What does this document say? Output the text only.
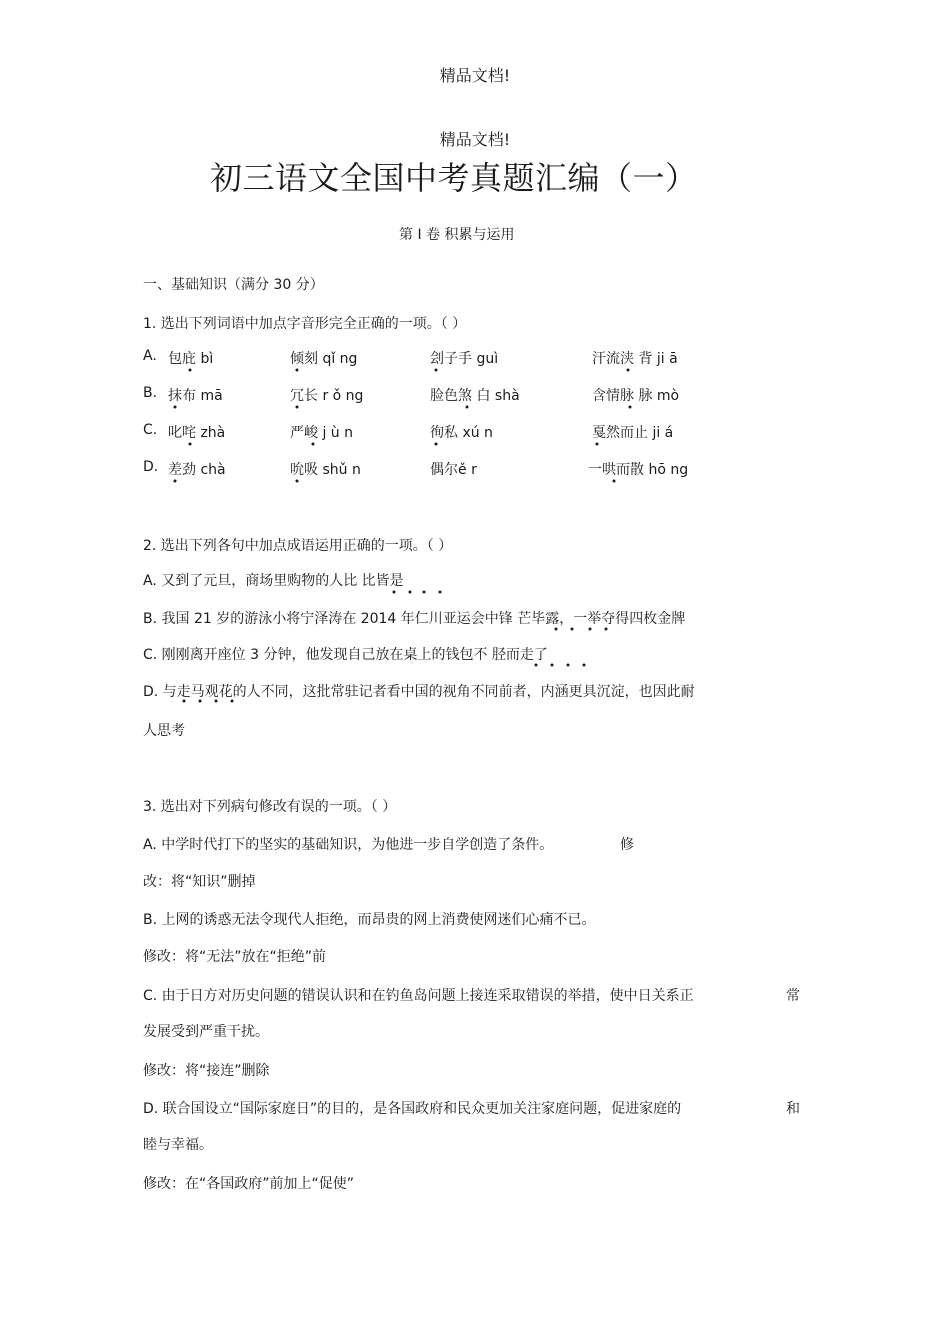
精品文档!
精品文档!
初三语文全国中考真题汇编（一）
第 I 卷 积累与运用
一、基础知识（满分 30 分）
1. 选出下列词语中加点字音形完全正确的一项。（ ）
A. 包庇 bì	倾刻 qǐ ng	刽子手 guì	汗流浃 背 ji ā
B. 抹布 mā	冗长 r ǒ ng	脸色煞 白 shà	含情脉 脉 mò
C. 叱咤 zhà	严峻 j ù n	徇私 xú n	戛然而止 ji á
D. 差劲 chà	吮吸 shǔ n	偶尔ě r	一哄而散 hō ng
2. 选出下列各句中加点成语运用正确的一项。（ ）
A. 又到了元旦，商场里购物的人比 比皆是
B. 我国 21 岁的游泳小将宁泽涛在 2014 年仁川亚运会中锋 芒毕露，一举夺得四枚金牌
C. 刚刚离开座位 3 分钟，他发现自己放在桌上的钱包不 胫而走了
D. 与走马观花的人不同，这批常驻记者看中国的视角不同前者，内涵更具沉淀，也因此耐
人思考
3. 选出对下列病句修改有误的一项。（ ）
A. 中学时代打下的坚实的基础知识，为他进一步自学创造了条件。	修
改：将“知识”删掉
B. 上网的诱惑无法令现代人拒绝，而昂贵的网上消费使网迷们心痛不已。
修改：将“无法”放在“拒绝”前
C. 由于日方对历史问题的错误认识和在钓鱼岛问题上接连采取错误的举措，使中日关系正	常
发展受到严重干扰。
修改：将“接连”删除
D. 联合国设立“国际家庭日”的目的，是各国政府和民众更加关注家庭问题，促进家庭的	和
睦与幸福。
修改：在“各国政府”前加上“促使”
